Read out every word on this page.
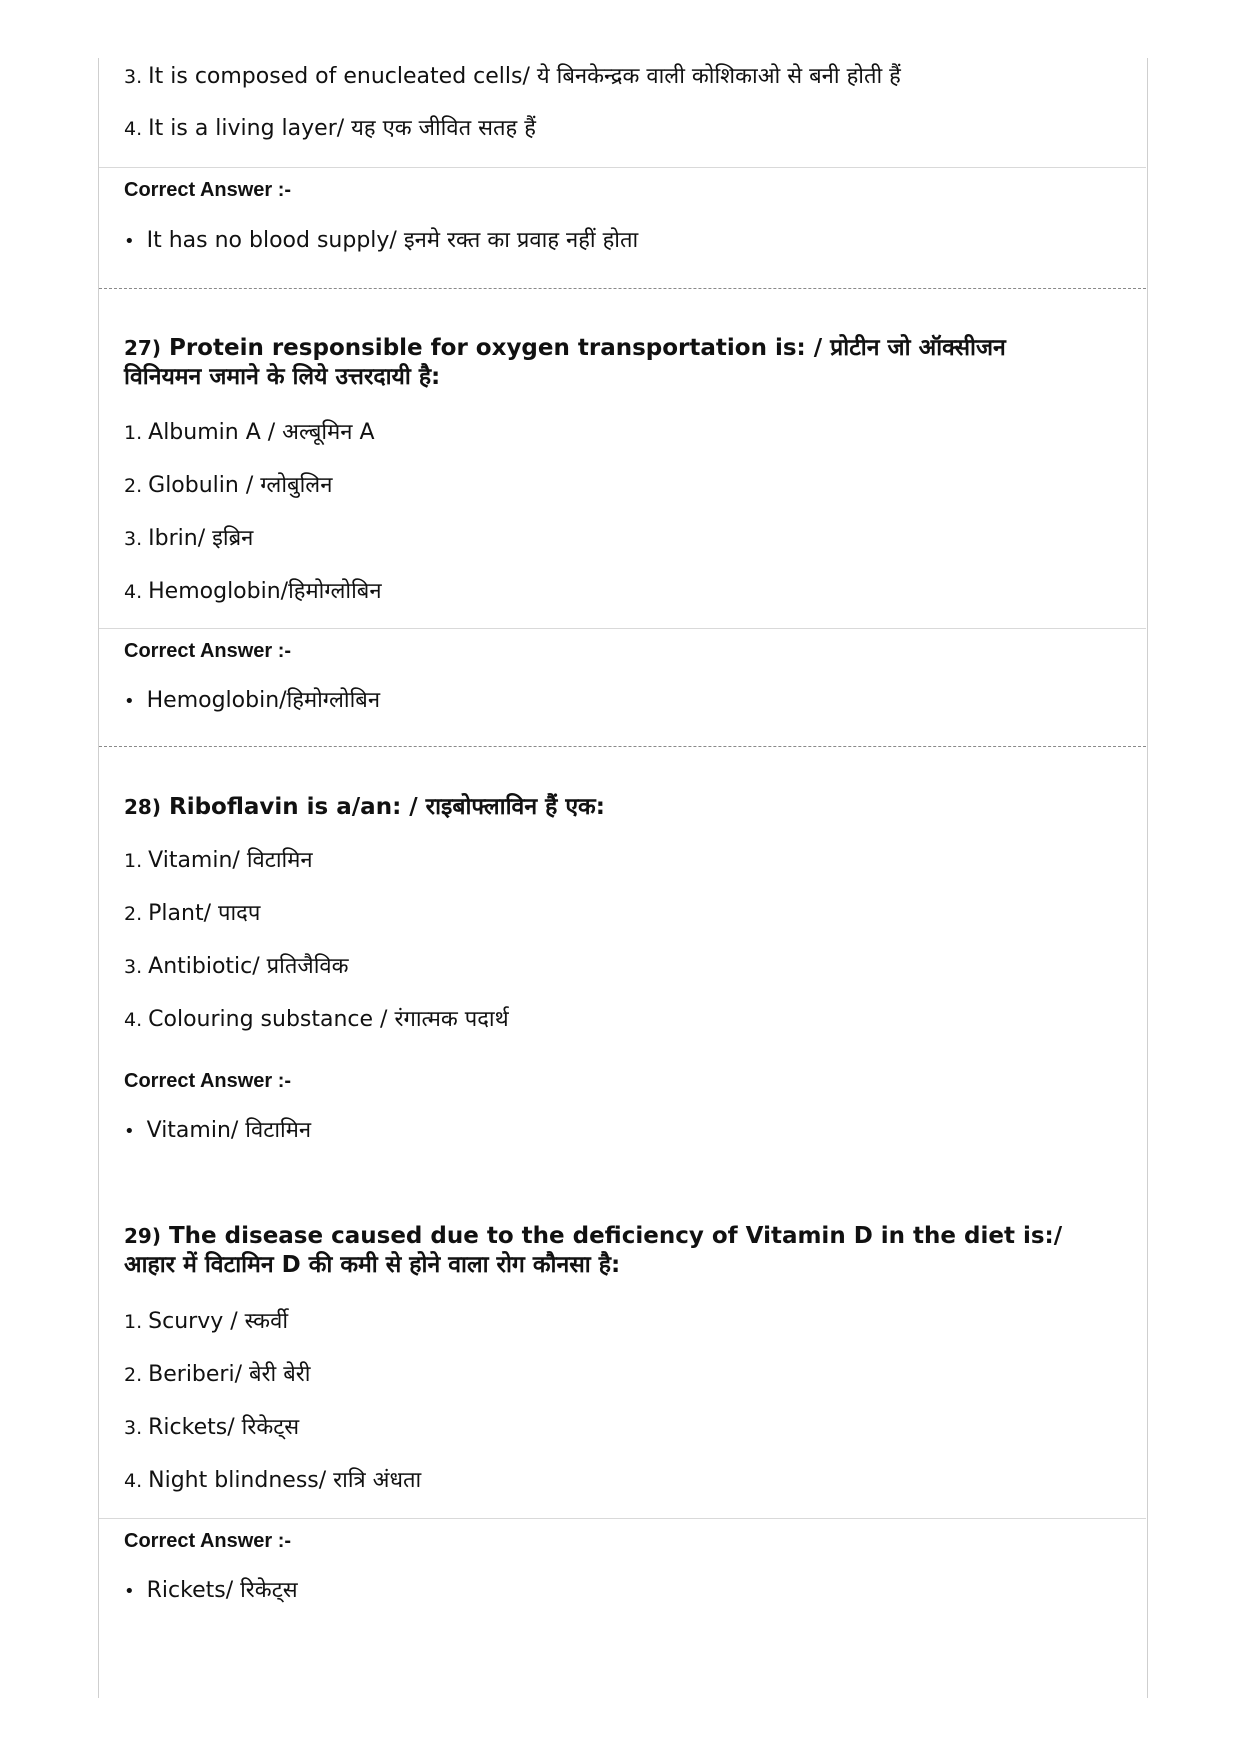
3. It is composed of enucleated cells/ ये बिनकेन्द्रक वाली कोशिकाओ से बनी होती हैं
4. It is a living layer/ यह एक जीवित सतह हैं
Correct Answer :-
• It has no blood supply/ इनमे रक्त का प्रवाह नहीं होता
27) Protein responsible for oxygen transportation is: / प्रोटीन जो ऑक्सीजन
विनियमन जमाने के लिये उत्तरदायी है:
1. Albumin A / अल्बूमिन A
2. Globulin / ग्लोबुलिन
3. Ibrin/ इब्रिन
4. Hemoglobin/हिमोग्लोबिन
Correct Answer :-
• Hemoglobin/हिमोग्लोबिन
28) Riboflavin is a/an: / राइबोफ्लाविन हैं एक:
1. Vitamin/ विटामिन
2. Plant/ पादप
3. Antibiotic/ प्रतिजैविक
4. Colouring substance / रंगात्मक पदार्थ
Correct Answer :-
• Vitamin/ विटामिन
29) The disease caused due to the deficiency of Vitamin D in the diet is:/
आहार में विटामिन D की कमी से होने वाला रोग कौनसा है:
1. Scurvy / स्कर्वी
2. Beriberi/ बेरी बेरी
3. Rickets/ रिकेट्स
4. Night blindness/ रात्रि अंधता
Correct Answer :-
• Rickets/ रिकेट्स
